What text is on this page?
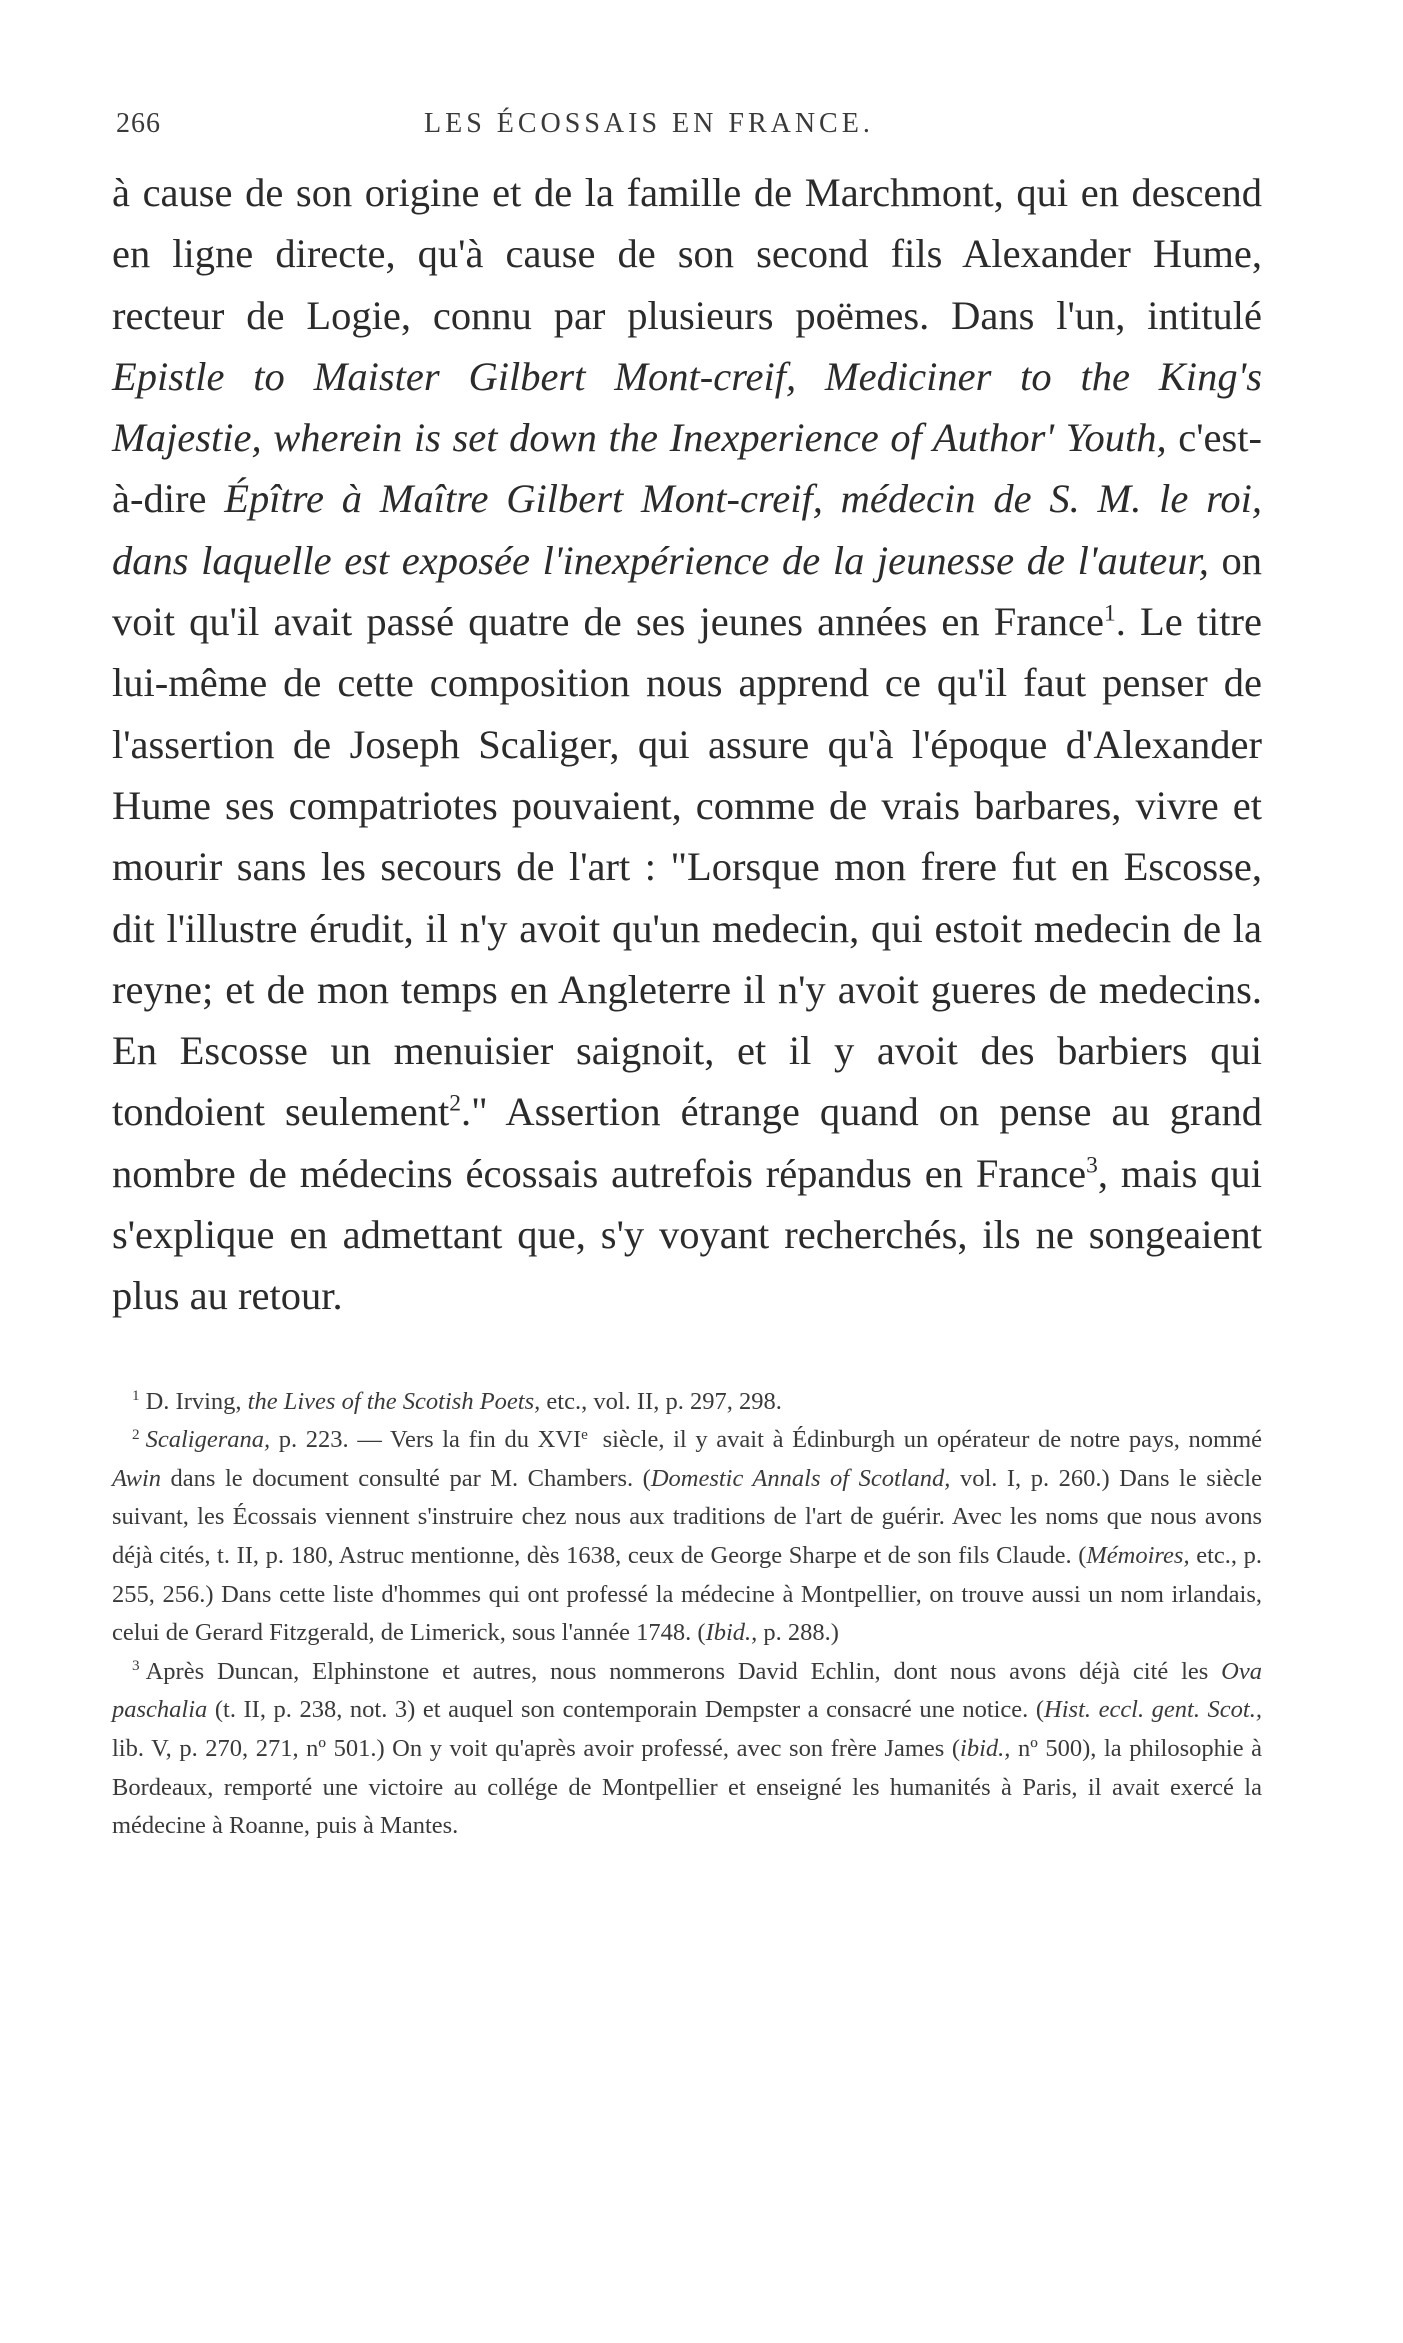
266	LES ÉCOSSAIS EN FRANCE.

à cause de son origine et de la famille de Marchmont, qui en descend en ligne directe, qu'à cause de son second fils Alexander Hume, recteur de Logie, connu par plusieurs poëmes. Dans l'un, intitulé Epistle to Maister Gilbert Mont-creif, Mediciner to the King's Majestie, wherein is set down the Inexperience of Author' Youth, c'est-à-dire Épître à Maître Gilbert Mont-creif, médecin de S. M. le roi, dans laquelle est exposée l'inexpérience de la jeunesse de l'auteur, on voit qu'il avait passé quatre de ses jeunes années en France$^1$. Le titre lui-même de cette composition nous apprend ce qu'il faut penser de l'assertion de Joseph Scaliger, qui assure qu'à l'époque d'Alexander Hume ses compatriotes pouvaient, comme de vrais barbares, vivre et mourir sans les secours de l'art : "Lorsque mon frere fut en Escosse, dit l'illustre érudit, il n'y avoit qu'un medecin, qui estoit medecin de la reyne; et de mon temps en Angleterre il n'y avoit gueres de medecins. En Escosse un menuisier saignoit, et il y avoit des barbiers qui tondoient seulement$^2$." Assertion étrange quand on pense au grand nombre de médecins écossais autrefois répandus en France$^3$, mais qui s'explique en admettant que, s'y voyant recherchés, ils ne songeaient plus au retour.

$^1$ D. Irving, the Lives of the Scotish Poets, etc., vol. II, p. 297, 298.

$^2$ Scaligerana, p. 223. — Vers la fin du XVIe siècle, il y avait à Édinburgh un opérateur de notre pays, nommé Awin dans le document consulté par M. Chambers. (Domestic Annals of Scotland, vol. I, p. 260.) Dans le siècle suivant, les Écossais viennent s'instruire chez nous aux traditions de l'art de guérir. Avec les noms que nous avons déjà cités, t. II, p. 180, Astruc mentionne, dès 1638, ceux de George Sharpe et de son fils Claude. (Mémoires, etc., p. 255, 256.) Dans cette liste d'hommes qui ont professé la médecine à Montpellier, on trouve aussi un nom irlandais, celui de Gerard Fitzgerald, de Limerick, sous l'année 1748. (Ibid., p. 288.)

$^3$ Après Duncan, Elphinstone et autres, nous nommerons David Echlin, dont nous avons déjà cité les Ova paschalia (t. II, p. 238, not. 3) et auquel son contemporain Dempster a consacré une notice. (Hist. eccl. gent. Scot., lib. V, p. 270, 271, nº 501.) On y voit qu'après avoir professé, avec son frère James (ibid., nº 500), la philosophie à Bordeaux, remporté une victoire au collége de Montpellier et enseigné les humanités à Paris, il avait exercé la médecine à Roanne, puis à Mantes.
